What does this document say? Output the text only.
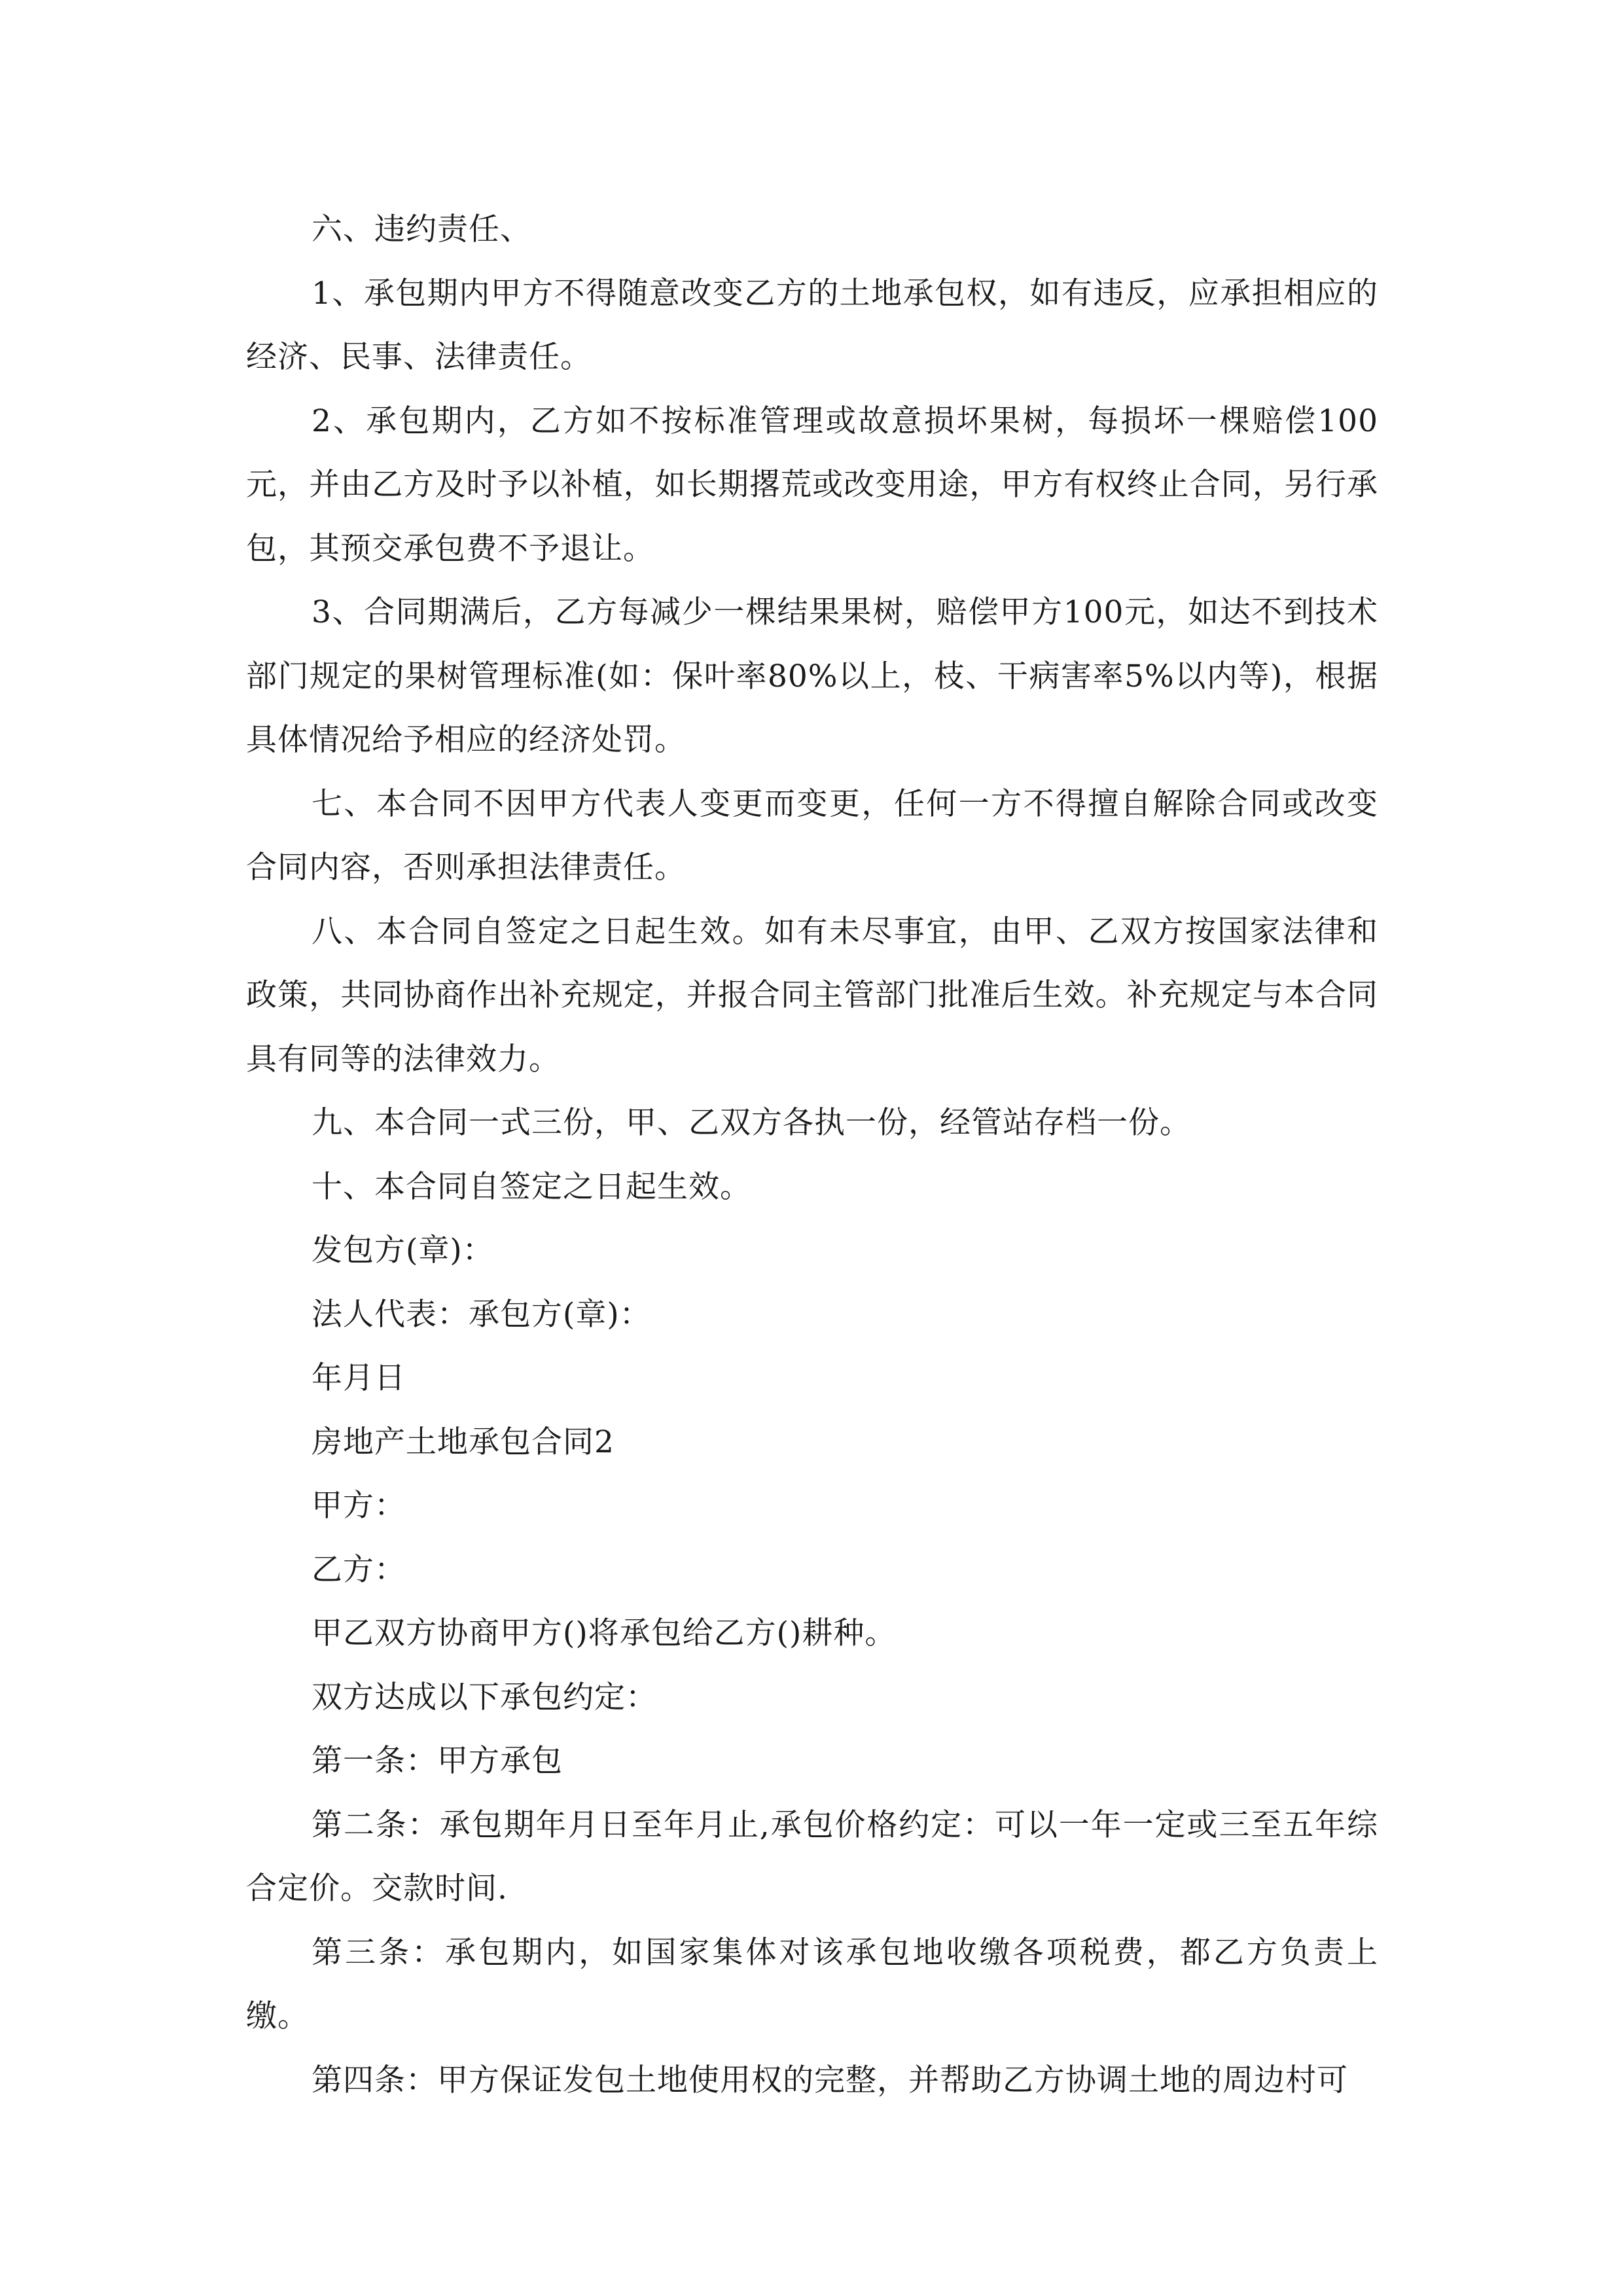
六、违约责任、

1、承包期内甲方不得随意改变乙方的土地承包权，如有违反，应承担相应的经济、民事、法律责任。

2、承包期内，乙方如不按标准管理或故意损坏果树，每损坏一棵赔偿100元，并由乙方及时予以补植，如长期撂荒或改变用途，甲方有权终止合同，另行承包，其预交承包费不予退让。

3、合同期满后，乙方每减少一棵结果果树，赔偿甲方100元，如达不到技术部门规定的果树管理标准(如：保叶率80%以上，枝、干病害率5%以内等)，根据具体情况给予相应的经济处罚。

七、本合同不因甲方代表人变更而变更，任何一方不得擅自解除合同或改变合同内容，否则承担法律责任。

八、本合同自签定之日起生效。如有未尽事宜，由甲、乙双方按国家法律和政策，共同协商作出补充规定，并报合同主管部门批准后生效。补充规定与本合同具有同等的法律效力。

九、本合同一式三份，甲、乙双方各执一份，经管站存档一份。

十、本合同自签定之日起生效。

发包方(章)：

法人代表：承包方(章)：

年月日

房地产土地承包合同2

甲方：

乙方：

甲乙双方协商甲方()将承包给乙方()耕种。

双方达成以下承包约定：

第一条：甲方承包

第二条：承包期年月日至年月止,承包价格约定：可以一年一定或三至五年综合定价。交款时间.

第三条：承包期内，如国家集体对该承包地收缴各项税费，都乙方负责上缴。

第四条：甲方保证发包土地使用权的完整，并帮助乙方协调土地的周边村可
